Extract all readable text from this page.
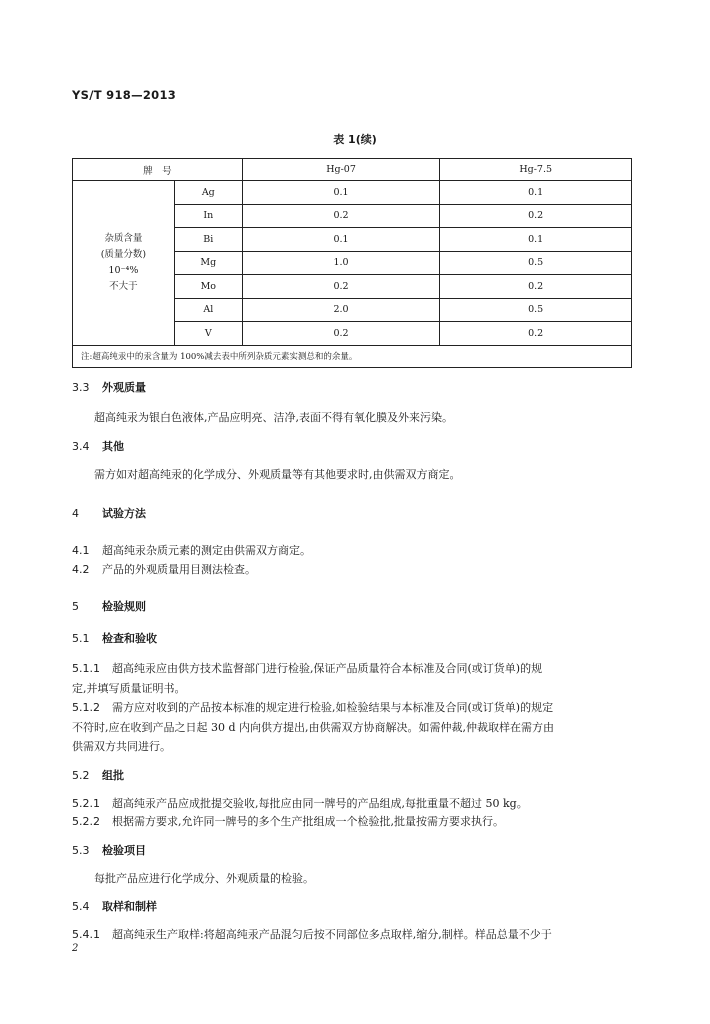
YS/T 918—2013
表 1(续)
牌　号		Hg-07	Hg-7.5

杂质含量
(质量分数)
10⁻⁴%
不大于	Ag	0.1	0.1
	In	0.2	0.2
	Bi	0.1	0.1
	Mg	1.0	0.5
	Mo	0.2	0.2
	Al	2.0	0.5
	V	0.2	0.2
注:超高纯汞中的汞含量为 100%减去表中所列杂质元素实测总和的余量。			
3.3 外观质量
超高纯汞为银白色液体,产品应明亮、洁净,表面不得有氧化膜及外来污染。
3.4 其他
需方如对超高纯汞的化学成分、外观质量等有其他要求时,由供需双方商定。
4 试验方法
4.1 超高纯汞杂质元素的测定由供需双方商定。
4.2 产品的外观质量用目测法检查。
5 检验规则
5.1 检查和验收
5.1.1 超高纯汞应由供方技术监督部门进行检验,保证产品质量符合本标准及合同(或订货单)的规
定,并填写质量证明书。
5.1.2 需方应对收到的产品按本标准的规定进行检验,如检验结果与本标准及合同(或订货单)的规定
不符时,应在收到产品之日起 30 d 内向供方提出,由供需双方协商解决。如需仲裁,仲裁取样在需方由
供需双方共同进行。
5.2 组批
5.2.1 超高纯汞产品应成批提交验收,每批应由同一牌号的产品组成,每批重量不超过 50 kg。
5.2.2 根据需方要求,允许同一牌号的多个生产批组成一个检验批,批量按需方要求执行。
5.3 检验项目
每批产品应进行化学成分、外观质量的检验。
5.4 取样和制样
5.4.1 超高纯汞生产取样:将超高纯汞产品混匀后按不同部位多点取样,缩分,制样。样品总量不少于
2
